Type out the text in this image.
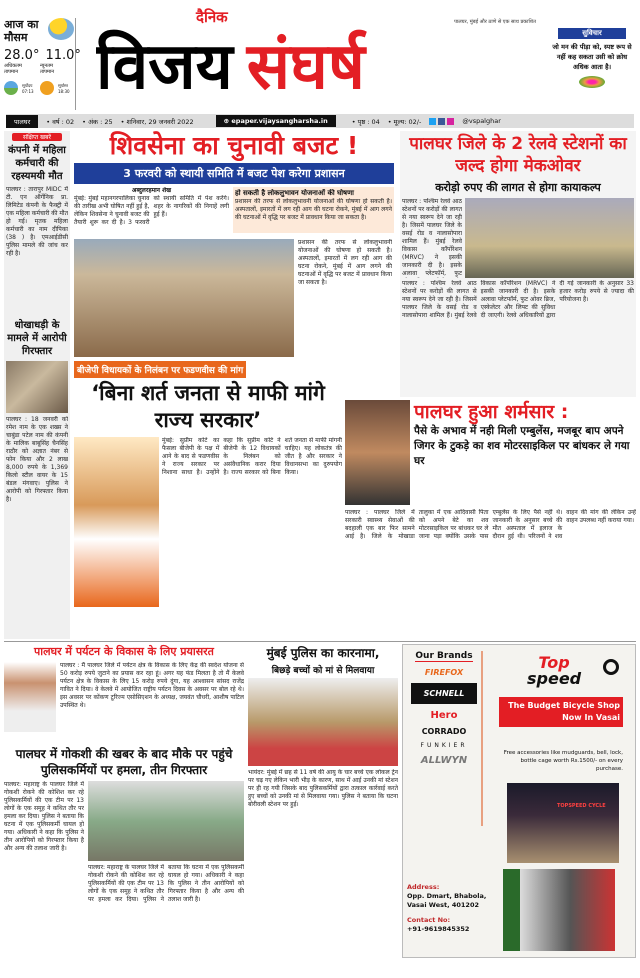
आज का मौसम
28.0° 11.0°
अधिकतम तापमान
न्यूनतम तापमान
सूर्योदय 07:13
सूर्यास्त 18:30
दैनिक	पालघर, मुंबई और ठाणे से एक साथ प्रकाशित
विजय संघर्ष	सुविचार
जो मन की पीड़ा को, स्पष्ट रूप से नहीं कह सकता उसी को क्रोध अधिक आता है।
पालघर	• वर्ष : 02 • अंक : 25 • शनिवार, 29 जनवरी 2022	⊕ epaper.vijaysangharsha.in	• पृष्ठ : 04 • मूल्य: 02/-	@vspalghar
संक्षिप्त खबरें
कंपनी में महिला कर्मचारी की रहस्यमयी मौत
पालघर : तारापुर MIDC में टी. एन ऑर्गेनिक प्रा. लिमिटेड कंपनी के फैक्ट्री में एक महिला कर्मचारी की मौत हो गई। मृतक महिला कर्मचारी का नाम दीपिका (38 ) है। एमआईडीसी पुलिस मामले की जांच कर रही है।
धोखाधड़ी के मामले में आरोपी गिरफ्तार
पालघर : 18 जनवरी को रमेश नाम के एक शख्स ने चाबुंडा पटेल नाम की कंपनी के मालिक बाबूसिंह चैनसिंह राठौर को अज्ञात नंबर से फोन किया और 2 लाख 8,000 रुपये के 1,369 किलो स्टील वायर के 15 बंडल मंगवाए। पुलिस ने आरोपी को गिरफ्तार किया है।
शिवसेना का चुनावी बजट !
3 फरवरी को स्थायी समिति में बजट पेश करेगा प्रशासन
अब्दुलरहमान शेख
मुंबई: मुंबई महानगरपालिका चुनाव की तारीख अभी घोषित नहीं हुई है, लेकिन शिवसेना ने चुनावी बजट की तैयारी शुरू कर दी है। 3 फरवरी को स्थायी समिति में पेश करेंगे। शहर के नागरिकों की निगाहें लगी हुई हैं।
हो सकती है लोकलुभावन योजनाओं की घोषणा
प्रशासन की तरफ से लोकलुभावनी योजनाओं की घोषणा हो सकती है। अस्पतालों, इमारतों में लग रही आग की घटना रोकने, मुंबई में आग लगने की घटनाओं में वृद्धि पर बजट में प्रावधान किया जा सकता है।
प्रशासन की तरफ से लोकलुभावनी योजनाओं की घोषणा हो सकती है। अस्पतालों, इमारतों में लग रही आग की घटना रोकने, मुंबई में आग लगने की घटनाओं में वृद्धि पर बजट में प्रावधान किया जा सकता है।
पालघर जिले के 2 रेलवे स्टेशनों का जल्द होगा मेकओवर
करोड़ो रुपए की लागत से होगा कायाकल्प
पालघर : पश्चिम रेलवे आठ स्टेशनों पर करोड़ों की लागत से नया स्वरूप देने जा रही है। जिसमें पालघर जिले के वसई रोड व नालासोपारा शामिल हैं। मुंबई रेलवे विकास कॉर्पोरेशन (MRVC) ने इसकी जानकारी दी है। इसके अलावा प्लेटफॉर्म, फुट
पालघर : पश्चिम रेलवे आठ स्टेशनों पर करोड़ों की लागत से नया स्वरूप देने जा रही है। जिसमें पालघर जिले के वसई रोड व नालासोपारा शामिल हैं। मुंबई रेलवे विकास कॉर्पोरेशन (MRVC) ने इसकी जानकारी दी है। इसके अलावा प्लेटफॉर्म, फुट ओवर ब्रिज, एस्केलेटर और लिफ्ट की सुविधा दी जाएगी। रेलवे अधिकारियों द्वारा दी गई जानकारी के अनुसार 33 हजार करोड़ रुपये से ज्यादा की परियोजना है।
बीजेपी विधायकों के निलंबन पर फडणवीस की मांग
‘बिना शर्त जनता से माफी मांगे राज्य सरकार’
मुंबई: सुप्रीम कोर्ट का फैसला बीजेपी के पक्ष में आने के बाद से फडणवीस ने राज्य सरकार पर निशाना साधा है। उन्होंने कहा कि सुप्रीम कोर्ट ने बीजेपी के 12 विधायकों के निलंबन को असंवैधानिक करार दिया है। राज्य सरकार को बिना शर्त जनता से माफी मांगनी चाहिए। यह लोकतंत्र की जीत है और सरकार ने विधानसभा का दुरुपयोग किया।
पालघर हुआ शर्मसार :
पैसे के अभाव में नही मिली एम्बुलेंस, मजबूर बाप अपने जिगर के टुकड़े का शव मोटरसाइकिल पर बांधकर ले गया घर
पालघर : पालघर जिले में सरकारी स्वास्थ्य सेवाओं की बदहाली एक बार फिर सामने आई है। जिले के मोखाडा तालुका में एक आदिवासी पिता को अपने बेटे का शव मोटरसाइकिल पर बांधकर घर ले जाना पड़ा क्योंकि उसके पास एम्बुलेंस के लिए पैसे नहीं थे। जानकारी के अनुसार बच्चे की मौत अस्पताल में इलाज के दौरान हुई थी। परिजनों ने शव वाहन की मांग की लेकिन उन्हें वाहन उपलब्ध नहीं कराया गया।
पालघर में पर्यटन के विकास के लिए प्रयासरत
पालघर : मैं पालघर जिले में पर्यटन क्षेत्र के विकास के लिए केंद्र की स्वदेश योजना से 50 करोड़ रुपये जुटाने का प्रयास कर रहा हूं। अगर यह फंड मिलता है तो मैं केलवे पर्यटन क्षेत्र के विकास के लिए 15 करोड़ रुपये दूंगा, यह आश्वासन सांसद राजेंद्र गावित ने दिया। वे केलवे में आयोजित राष्ट्रीय पर्यटन दिवस के अवसर पर बोल रहे थे। इस अवसर पर कोंकण टूरिज्म एसोसिएशन के अध्यक्ष, जयवंत चौधरी, आशीष पाटिल उपस्थित थे।
पालघर में गोकशी की खबर के बाद मौके पर पहुंचे पुलिसकर्मियों पर हमला, तीन गिरफ्तार
पालघर: महाराष्ट्र के पालघर जिले में गोकशी रोकने की कोशिश कर रहे पुलिसकर्मियों की एक टीम पर 13 लोगों के एक समूह ने कथित तौर पर हमला कर दिया। पुलिस ने बताया कि घटना में एक पुलिसकर्मी घायल हो गया। अधिकारी ने कहा कि पुलिस ने तीन आरोपियों को गिरफ्तार किया है और अन्य की तलाश जारी है।
पालघर: महाराष्ट्र के पालघर जिले में गोकशी रोकने की कोशिश कर रहे पुलिसकर्मियों की एक टीम पर 13 लोगों के एक समूह ने कथित तौर पर हमला कर दिया। पुलिस ने बताया कि घटना में एक पुलिसकर्मी घायल हो गया। अधिकारी ने कहा कि पुलिस ने तीन आरोपियों को गिरफ्तार किया है और अन्य की तलाश जारी है।
मुंबई पुलिस का कारनामा,
बिछड़े बच्चों को मां से मिलवाया
भायंदर: मुंबई में छह से 11 वर्ष की आयु के चार बच्चे एक लोकल ट्रेन पर चढ़ गए लेकिन भारी भीड़ के कारण, साथ में आई उनकी मां स्टेशन पर ही रह गयी जिसके बाद पुलिसकर्मियों द्वारा तत्काल कार्रवाई करते हुए बच्चों को उनकी मां से मिलवाया गया। पुलिस ने बताया कि घटना बोरीवली स्टेशन पर हुई।
Our Brands
FIREFOX
SCHNELL
Hero
CORRADO
FUNKIER
ALLWYN
Top
speed
The Budget Bicycle Shop Now In Vasai
Free accessories like mudguards, bell, lock, bottle cage worth Rs.1500/- on every purchase.
TOPSPEED CYCLE
Address:
Opp. Dmart, Bhabola, Vasai West, 401202
Contact No:
+91-9619845352
